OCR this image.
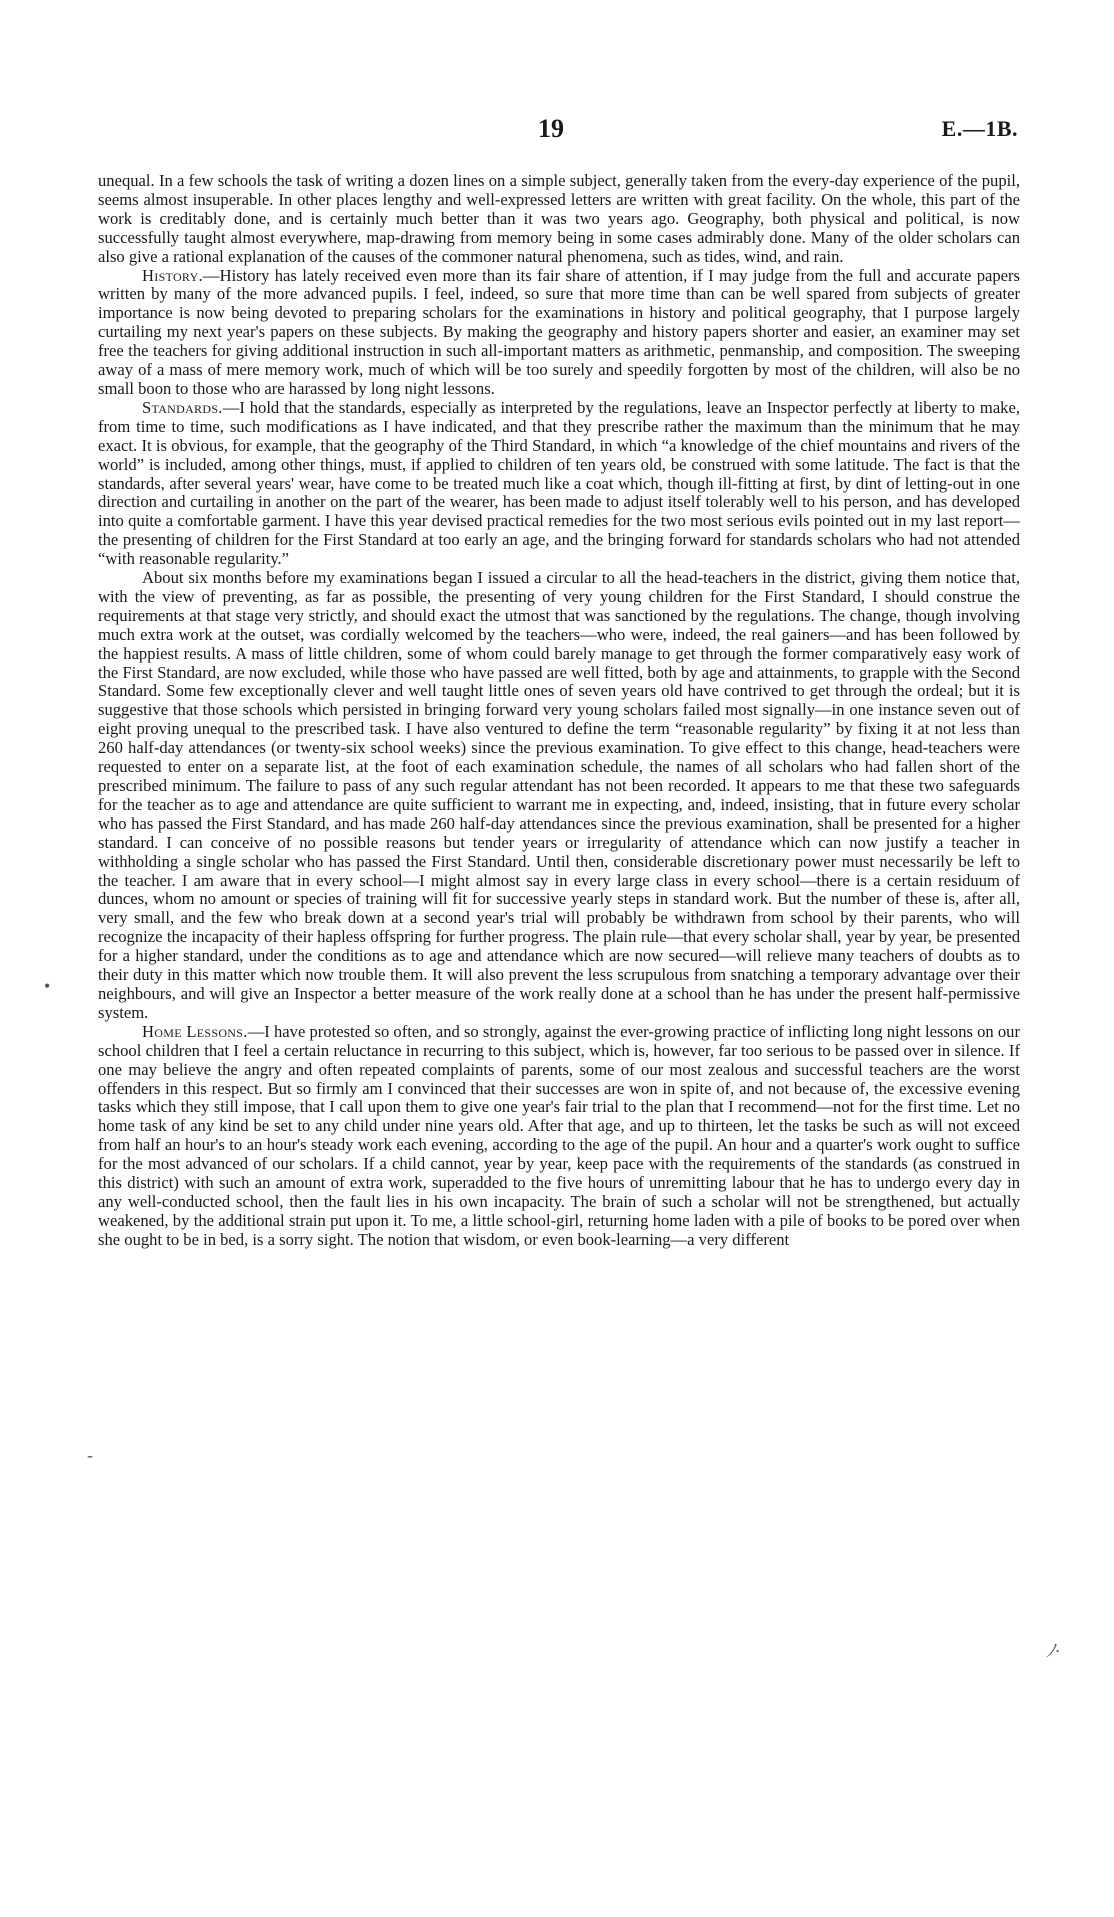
19	E.—1B.

unequal. In a few schools the task of writing a dozen lines on a simple subject, generally taken from the every-day experience of the pupil, seems almost insuperable. In other places lengthy and well-expressed letters are written with great facility. On the whole, this part of the work is creditably done, and is certainly much better than it was two years ago. Geography, both physical and political, is now successfully taught almost everywhere, map-drawing from memory being in some cases admirably done. Many of the older scholars can also give a rational explanation of the causes of the commoner natural phenomena, such as tides, wind, and rain.

History.—History has lately received even more than its fair share of attention, if I may judge from the full and accurate papers written by many of the more advanced pupils. I feel, indeed, so sure that more time than can be well spared from subjects of greater importance is now being devoted to preparing scholars for the examinations in history and political geography, that I purpose largely curtailing my next year's papers on these subjects. By making the geography and history papers shorter and easier, an examiner may set free the teachers for giving additional instruction in such all-important matters as arithmetic, penmanship, and composition. The sweeping away of a mass of mere memory work, much of which will be too surely and speedily forgotten by most of the children, will also be no small boon to those who are harassed by long night lessons.

Standards.—I hold that the standards, especially as interpreted by the regulations, leave an Inspector perfectly at liberty to make, from time to time, such modifications as I have indicated, and that they prescribe rather the maximum than the minimum that he may exact. It is obvious, for example, that the geography of the Third Standard, in which “a knowledge of the chief mountains and rivers of the world” is included, among other things, must, if applied to children of ten years old, be construed with some latitude. The fact is that the standards, after several years' wear, have come to be treated much like a coat which, though ill-fitting at first, by dint of letting-out in one direction and curtailing in another on the part of the wearer, has been made to adjust itself tolerably well to his person, and has developed into quite a comfortable garment. I have this year devised practical remedies for the two most serious evils pointed out in my last report—the presenting of children for the First Standard at too early an age, and the bringing forward for standards scholars who had not attended “with reasonable regularity.”

About six months before my examinations began I issued a circular to all the head-teachers in the district, giving them notice that, with the view of preventing, as far as possible, the presenting of very young children for the First Standard, I should construe the requirements at that stage very strictly, and should exact the utmost that was sanctioned by the regulations. The change, though involving much extra work at the outset, was cordially welcomed by the teachers—who were, indeed, the real gainers—and has been followed by the happiest results. A mass of little children, some of whom could barely manage to get through the former comparatively easy work of the First Standard, are now excluded, while those who have passed are well fitted, both by age and attainments, to grapple with the Second Standard. Some few exceptionally clever and well taught little ones of seven years old have contrived to get through the ordeal; but it is suggestive that those schools which persisted in bringing forward very young scholars failed most signally—in one instance seven out of eight proving unequal to the prescribed task. I have also ventured to define the term “reasonable regularity” by fixing it at not less than 260 half-day attendances (or twenty-six school weeks) since the previous examination. To give effect to this change, head-teachers were requested to enter on a separate list, at the foot of each examination schedule, the names of all scholars who had fallen short of the prescribed minimum. The failure to pass of any such regular attendant has not been recorded. It appears to me that these two safeguards for the teacher as to age and attendance are quite sufficient to warrant me in expecting, and, indeed, insisting, that in future every scholar who has passed the First Standard, and has made 260 half-day attendances since the previous examination, shall be presented for a higher standard. I can conceive of no possible reasons but tender years or irregularity of attendance which can now justify a teacher in withholding a single scholar who has passed the First Standard. Until then, considerable discretionary power must necessarily be left to the teacher. I am aware that in every school—I might almost say in every large class in every school—there is a certain residuum of dunces, whom no amount or species of training will fit for successive yearly steps in standard work. But the number of these is, after all, very small, and the few who break down at a second year's trial will probably be withdrawn from school by their parents, who will recognize the incapacity of their hapless offspring for further progress. The plain rule—that every scholar shall, year by year, be presented for a higher standard, under the conditions as to age and attendance which are now secured—will relieve many teachers of doubts as to their duty in this matter which now trouble them. It will also prevent the less scrupulous from snatching a temporary advantage over their neighbours, and will give an Inspector a better measure of the work really done at a school than he has under the present half-permissive system.

Home Lessons.—I have protested so often, and so strongly, against the ever-growing practice of inflicting long night lessons on our school children that I feel a certain reluctance in recurring to this subject, which is, however, far too serious to be passed over in silence. If one may believe the angry and often repeated complaints of parents, some of our most zealous and successful teachers are the worst offenders in this respect. But so firmly am I convinced that their successes are won in spite of, and not because of, the excessive evening tasks which they still impose, that I call upon them to give one year's fair trial to the plan that I recommend—not for the first time. Let no home task of any kind be set to any child under nine years old. After that age, and up to thirteen, let the tasks be such as will not exceed from half an hour's to an hour's steady work each evening, according to the age of the pupil. An hour and a quarter's work ought to suffice for the most advanced of our scholars. If a child cannot, year by year, keep pace with the requirements of the standards (as construed in this district) with such an amount of extra work, superadded to the five hours of unremitting labour that he has to undergo every day in any well-conducted school, then the fault lies in his own incapacity. The brain of such a scholar will not be strengthened, but actually weakened, by the additional strain put upon it. To me, a little school-girl, returning home laden with a pile of books to be pored over when she ought to be in bed, is a sorry sight. The notion that wisdom, or even book-learning—a very different

•
‐
ﾉ·
